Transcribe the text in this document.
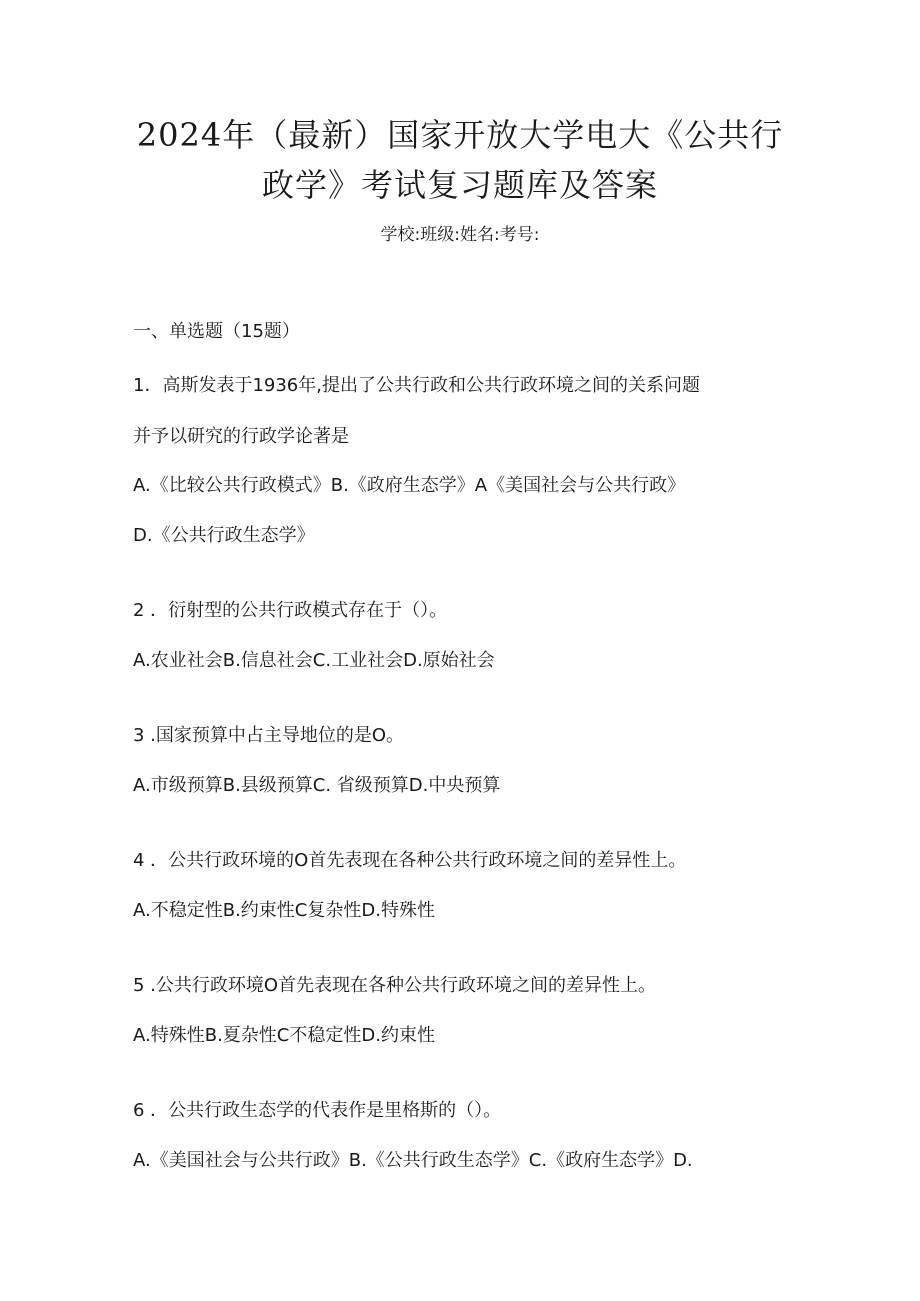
2024年（最新）国家开放大学电大《公共行
政学》考试复习题库及答案
学校:班级:姓名:考号:
一、单选题（15题）
1．高斯发表于1936年,提出了公共行政和公共行政环境之间的关系问题
并予以研究的行政学论著是
A.《比较公共行政模式》B.《政府生态学》A《美国社会与公共行政》
D.《公共行政生态学》
2 ．衍射型的公共行政模式存在于（）。
A.农业社会B.信息社会C.工业社会D.原始社会
3 .国家预算中占主导地位的是O。
A.市级预算B.县级预算C. 省级预算D.中央预算
4 ．公共行政环境的O首先表现在各种公共行政环境之间的差异性上。
A.不稳定性B.约束性C复杂性D.特殊性
5 .公共行政环境O首先表现在各种公共行政环境之间的差异性上。
A.特殊性B.夏杂性C不稳定性D.约束性
6 ．公共行政生态学的代表作是里格斯的（）。
A.《美国社会与公共行政》B.《公共行政生态学》C.《政府生态学》D.
